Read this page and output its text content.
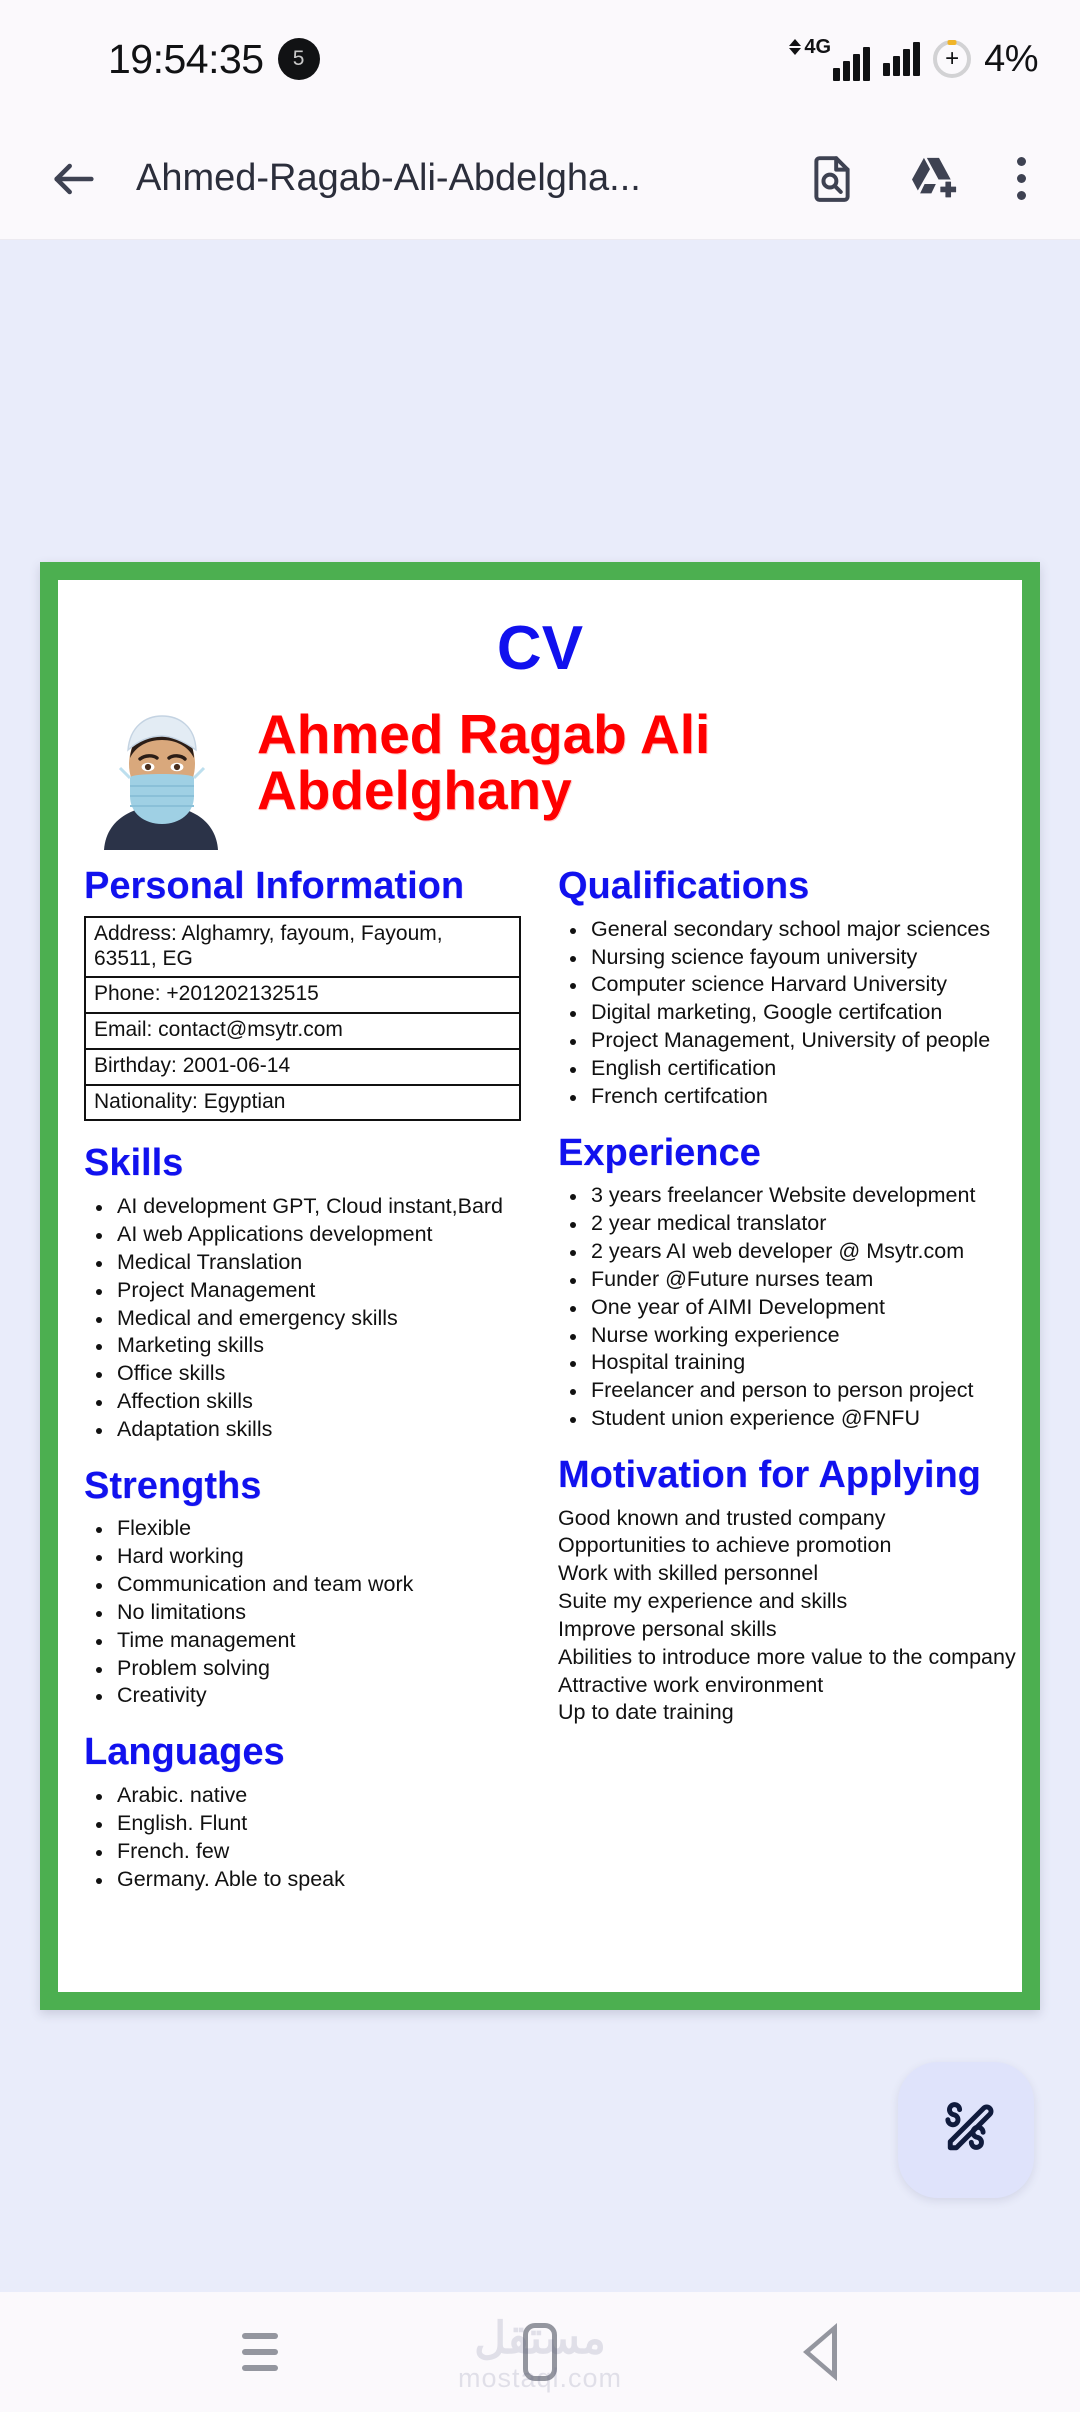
19:54:35	5	4G	+ 4%
Ahmed-Ragab-Ali-Abdelgha...
CV
Ahmed Ragab Ali Abdelghany
Personal Information
Address: Alghamry, fayoum, Fayoum, 63511, EG
Phone: +201202132515
Email: contact@msytr.com
Birthday: 2001-06-14
Nationality: Egyptian
Skills
AI development GPT, Cloud instant,Bard
AI web Applications development
Medical Translation
Project Management
Medical and emergency skills
Marketing skills
Office skills
Affection skills
Adaptation skills
Strengths
Flexible
Hard working
Communication and team work
No limitations
Time management
Problem solving
Creativity
Languages
Arabic. native
English. Flunt
French. few
Germany. Able to speak
Qualifications
General secondary school major sciences
Nursing science fayoum university
Computer science Harvard University
Digital marketing, Google certifcation
Project Management, University of people
English certification
French certifcation
Experience
3 years freelancer Website development
2 year medical translator
2 years AI web developer @ Msytr.com
Funder @Future nurses team
One year of AIMI Development
Nurse working experience
Hospital training
Freelancer and person to person project
Student union experience @FNFU
Motivation for Applying

Good known and trusted company

Opportunities to achieve promotion

Work with skilled personnel

Suite my experience and skills

Improve personal skills

Abilities to introduce more value to the company

Attractive work environment

Up to date training
